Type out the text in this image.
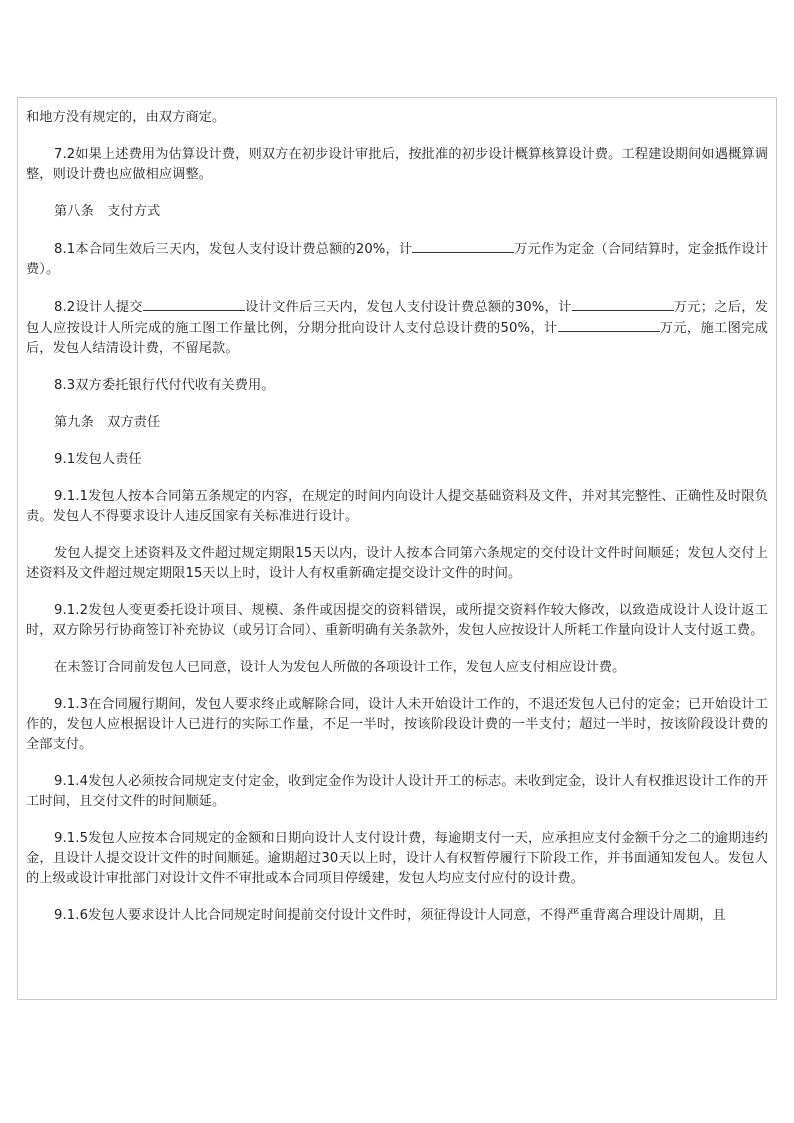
和地方没有规定的，由双方商定。

7.2如果上述费用为估算设计费，则双方在初步设计审批后，按批准的初步设计概算核算设计费。工程建设期间如遇概算调整，则设计费也应做相应调整。

第八条　支付方式

8.1本合同生效后三天内，发包人支付设计费总额的20%，计	万元作为定金（合同结算时，定金抵作设计费）。

8.2设计人提交	设计文件后三天内，发包人支付设计费总额的30%，计	万元；之后，发包人应按设计人所完成的施工图工作量比例，分期分批向设计人支付总设计费的50%，计	万元，施工图完成后，发包人结清设计费，不留尾款。

8.3双方委托银行代付代收有关费用。

第九条　双方责任

9.1发包人责任

9.1.1发包人按本合同第五条规定的内容，在规定的时间内向设计人提交基础资料及文件，并对其完整性、正确性及时限负责。发包人不得要求设计人违反国家有关标准进行设计。

发包人提交上述资料及文件超过规定期限15天以内，设计人按本合同第六条规定的交付设计文件时间顺延；发包人交付上述资料及文件超过规定期限15天以上时，设计人有权重新确定提交设计文件的时间。

9.1.2发包人变更委托设计项目、规模、条件或因提交的资料错误，或所提交资料作较大修改，以致造成设计人设计返工时，双方除另行协商签订补充协议（或另订合同）、重新明确有关条款外，发包人应按设计人所耗工作量向设计人支付返工费。

在未签订合同前发包人已同意，设计人为发包人所做的各项设计工作，发包人应支付相应设计费。

9.1.3在合同履行期间，发包人要求终止或解除合同，设计人未开始设计工作的，不退还发包人已付的定金；已开始设计工作的，发包人应根据设计人已进行的实际工作量，不足一半时，按该阶段设计费的一半支付；超过一半时，按该阶段设计费的全部支付。

9.1.4发包人必须按合同规定支付定金，收到定金作为设计人设计开工的标志。未收到定金，设计人有权推迟设计工作的开工时间，且交付文件的时间顺延。

9.1.5发包人应按本合同规定的金额和日期向设计人支付设计费，每逾期支付一天，应承担应支付金额千分之二的逾期违约金，且设计人提交设计文件的时间顺延。逾期超过30天以上时，设计人有权暂停履行下阶段工作，并书面通知发包人。发包人的上级或设计审批部门对设计文件不审批或本合同项目停缓建，发包人均应支付应付的设计费。

9.1.6发包人要求设计人比合同规定时间提前交付设计文件时，须征得设计人同意，不得严重背离合理设计周期，且
